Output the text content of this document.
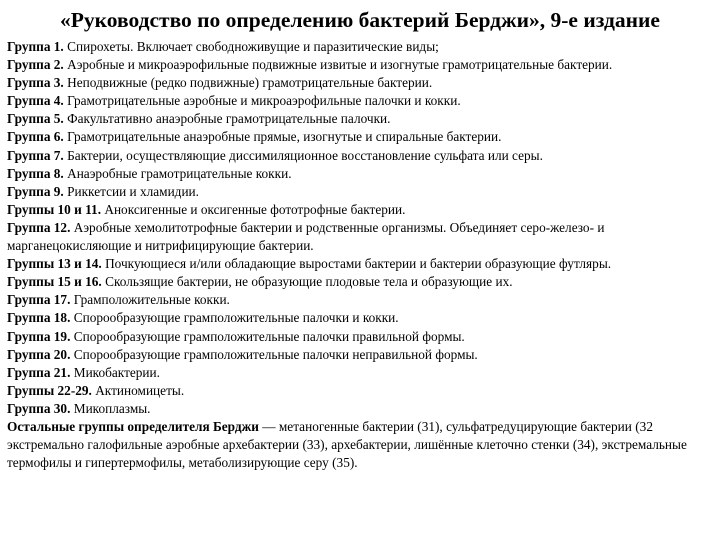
«Руководство по определению бактерий Берджи», 9-е издание

Группа 1. Спирохеты. Включает свободноживущие и паразитические виды;

Группа 2. Аэробные и микроаэрофильные подвижные извитые и изогнутые грамотрицательные бактерии.

Группа 3. Неподвижные (редко подвижные) грамотрицательные бактерии.

Группа 4. Грамотрицательные аэробные и микроаэрофильные палочки и кокки.

Группа 5. Факультативно анаэробные грамотрицательные палочки.

Группа 6. Грамотрицательные анаэробные прямые, изогнутые и спиральные бактерии.

Группа 7. Бактерии, осуществляющие диссимиляционное восстановление сульфата или серы.

Группа 8. Анаэробные грамотрицательные кокки.

Группа 9. Риккетсии и хламидии.

Группы 10 и 11. Аноксигенные и оксигенные фототрофные бактерии.

Группа 12. Аэробные хемолитотрофные бактерии и родственные организмы. Объединяет серо-железо- и марганецокисляющие и нитрифицирующие бактерии.

Группы 13 и 14. Почкующиеся и/или обладающие выростами бактерии и бактерии образующие футляры.

Группы 15 и 16. Скользящие бактерии, не образующие плодовые тела и образующие их.

Группа 17. Грамположительные кокки.

Группа 18. Спорообразующие грамположительные палочки и кокки.

Группа 19. Спорообразующие грамположительные палочки правильной формы.

Группа 20. Спорообразующие грамположительные палочки неправильной формы.

Группа 21. Микобактерии.

Группы 22-29. Актиномицеты.

Группа 30. Микоплазмы.

Остальные группы определителя Берджи — метаногенные бактерии (31), сульфатредуцирующие бактерии (32 экстремально галофильные аэробные архебактерии (33), архебактерии, лишённые клеточно стенки (34), экстремальные термофилы и гипертермофилы, метаболизирующие серу (35).
